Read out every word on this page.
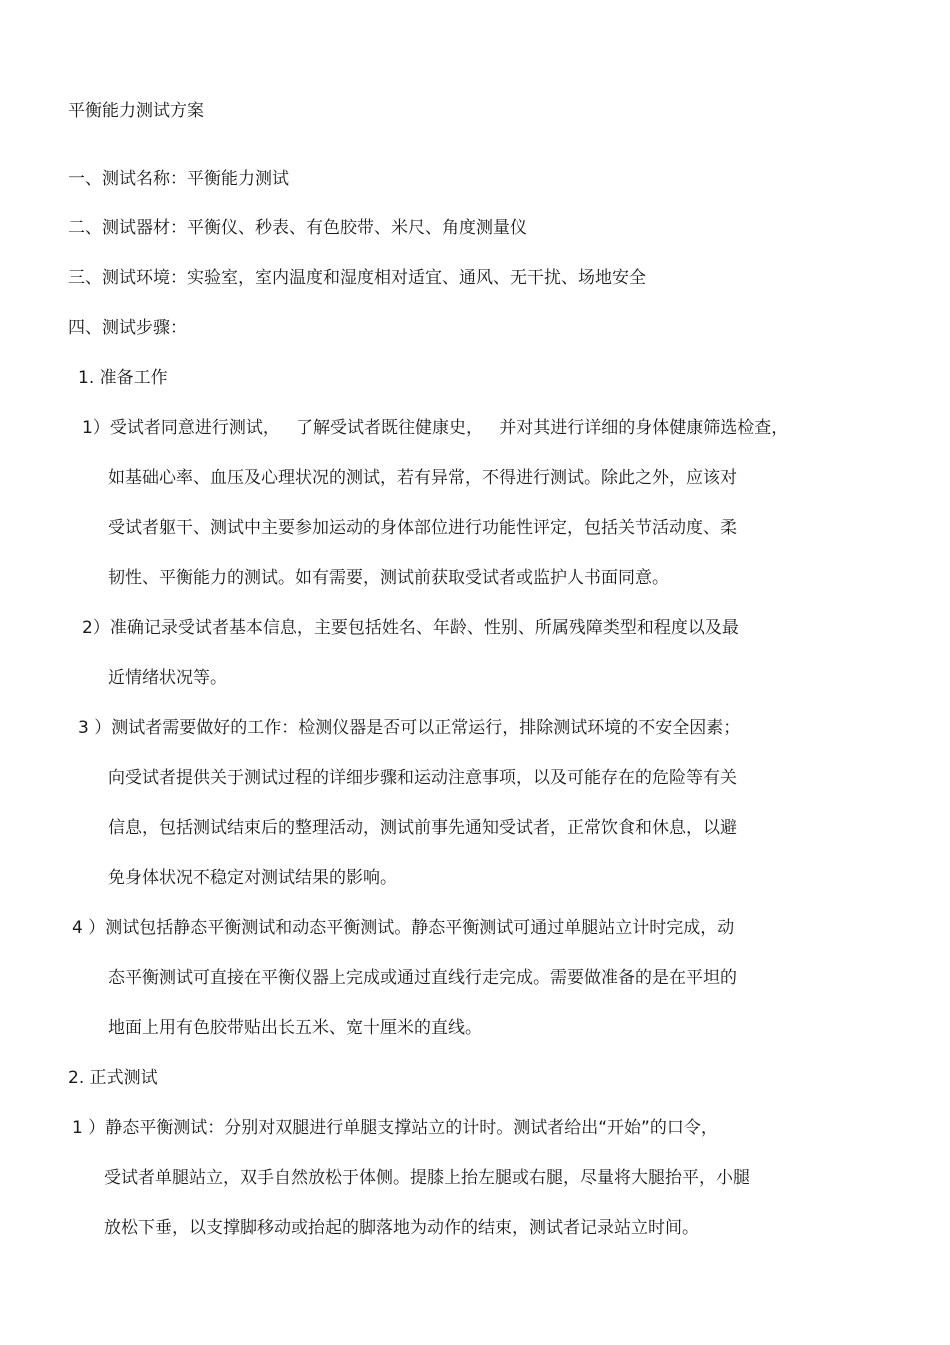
平衡能力测试方案
一、测试名称：平衡能力测试
二、测试器材：平衡仪、秒表、有色胶带、米尺、角度测量仪
三、测试环境：实验室，室内温度和湿度相对适宜、通风、无干扰、场地安全
四、测试步骤：
1. 准备工作
1）受试者同意进行测试，   了解受试者既往健康史，   并对其进行详细的身体健康筛选检查，
如基础心率、血压及心理状况的测试，若有异常，不得进行测试。除此之外，应该对
受试者躯干、测试中主要参加运动的身体部位进行功能性评定，包括关节活动度、柔
韧性、平衡能力的测试。如有需要，测试前获取受试者或监护人书面同意。
2）准确记录受试者基本信息，主要包括姓名、年龄、性别、所属残障类型和程度以及最
近情绪状况等。
3 ）测试者需要做好的工作：检测仪器是否可以正常运行，排除测试环境的不安全因素；
向受试者提供关于测试过程的详细步骤和运动注意事项，以及可能存在的危险等有关
信息，包括测试结束后的整理活动，测试前事先通知受试者，正常饮食和休息，以避
免身体状况不稳定对测试结果的影响。
4 ）测试包括静态平衡测试和动态平衡测试。静态平衡测试可通过单腿站立计时完成，动
态平衡测试可直接在平衡仪器上完成或通过直线行走完成。需要做准备的是在平坦的
地面上用有色胶带贴出长五米、宽十厘米的直线。
2. 正式测试
1 ）静态平衡测试：分别对双腿进行单腿支撑站立的计时。测试者给出“开始”的口令，
受试者单腿站立，双手自然放松于体侧。提膝上抬左腿或右腿，尽量将大腿抬平，小腿
放松下垂，以支撑脚移动或抬起的脚落地为动作的结束，测试者记录站立时间。
